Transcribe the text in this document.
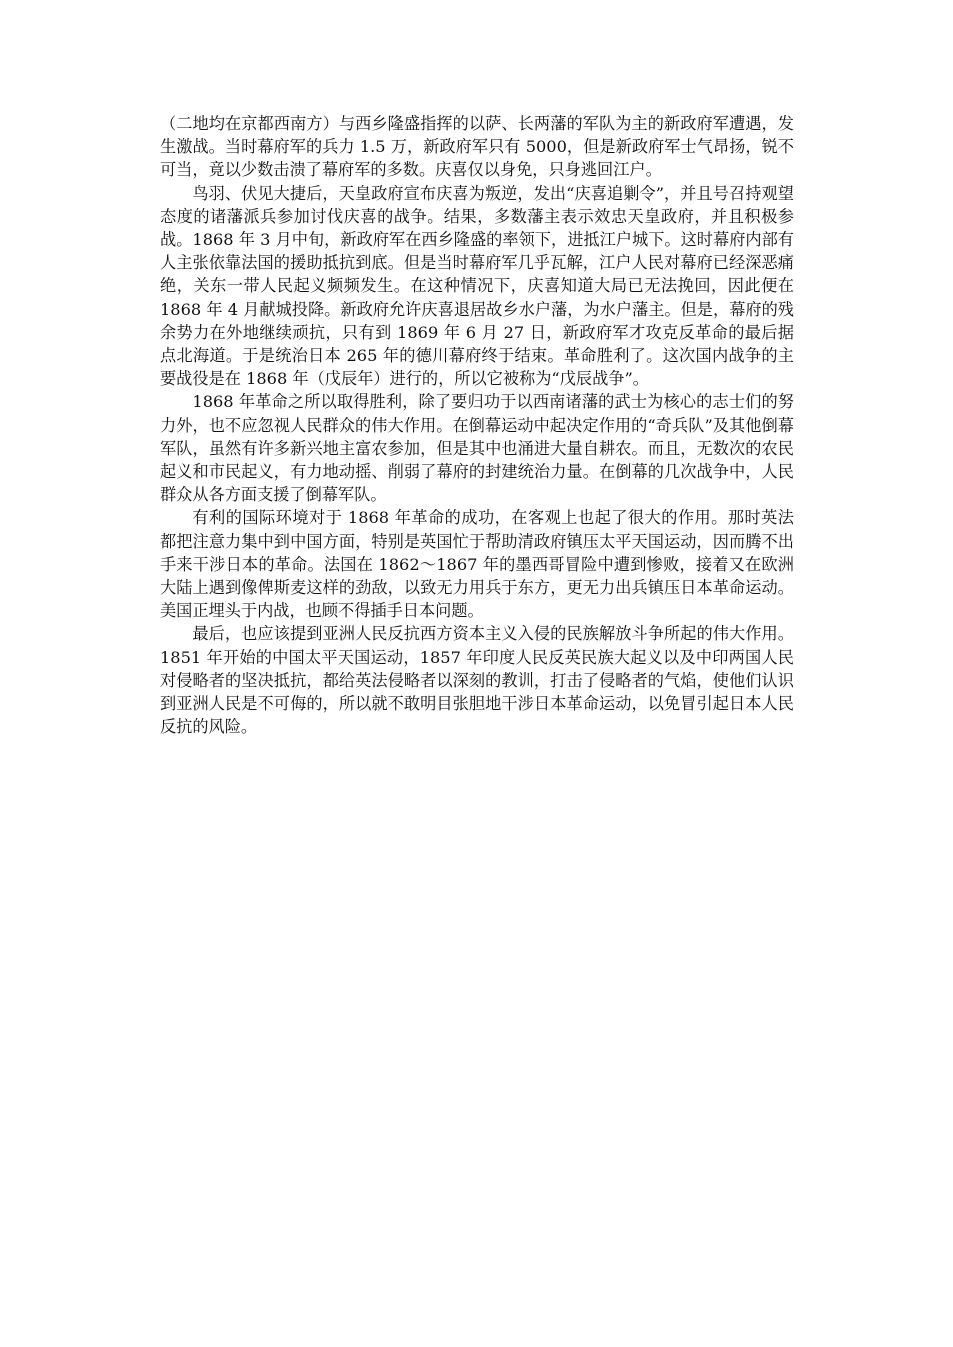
（二地均在京都西南方）与西乡隆盛指挥的以萨、长两藩的军队为主的新政府军遭遇，发生激战。当时幕府军的兵力 1.5 万，新政府军只有 5000，但是新政府军士气昂扬，锐不可当，竟以少数击溃了幕府军的多数。庆喜仅以身免，只身逃回江户。

鸟羽、伏见大捷后，天皇政府宣布庆喜为叛逆，发出“庆喜追剿令”，并且号召持观望态度的诸藩派兵参加讨伐庆喜的战争。结果，多数藩主表示效忠天皇政府，并且积极参战。1868 年 3 月中旬，新政府军在西乡隆盛的率领下，进抵江户城下。这时幕府内部有人主张依靠法国的援助抵抗到底。但是当时幕府军几乎瓦解，江户人民对幕府已经深恶痛绝，关东一带人民起义频频发生。在这种情况下，庆喜知道大局已无法挽回，因此便在 1868 年 4 月献城投降。新政府允许庆喜退居故乡水户藩，为水户藩主。但是，幕府的残余势力在外地继续顽抗，只有到 1869 年 6 月 27 日，新政府军才攻克反革命的最后据点北海道。于是统治日本 265 年的德川幕府终于结束。革命胜利了。这次国内战争的主要战役是在 1868 年（戊辰年）进行的，所以它被称为“戊辰战争”。

1868 年革命之所以取得胜利，除了要归功于以西南诸藩的武士为核心的志士们的努力外，也不应忽视人民群众的伟大作用。在倒幕运动中起决定作用的“奇兵队”及其他倒幕军队，虽然有许多新兴地主富农参加，但是其中也涌进大量自耕农。而且，无数次的农民起义和市民起义，有力地动摇、削弱了幕府的封建统治力量。在倒幕的几次战争中，人民群众从各方面支援了倒幕军队。

有利的国际环境对于 1868 年革命的成功，在客观上也起了很大的作用。那时英法都把注意力集中到中国方面，特别是英国忙于帮助清政府镇压太平天国运动，因而腾不出手来干涉日本的革命。法国在 1862～1867 年的墨西哥冒险中遭到惨败，接着又在欧洲大陆上遇到像俾斯麦这样的劲敌，以致无力用兵于东方，更无力出兵镇压日本革命运动。美国正埋头于内战，也顾不得插手日本问题。

最后，也应该提到亚洲人民反抗西方资本主义入侵的民族解放斗争所起的伟大作用。1851 年开始的中国太平天国运动，1857 年印度人民反英民族大起义以及中印两国人民对侵略者的坚决抵抗，都给英法侵略者以深刻的教训，打击了侵略者的气焰，使他们认识到亚洲人民是不可侮的，所以就不敢明目张胆地干涉日本革命运动，以免冒引起日本人民反抗的风险。
